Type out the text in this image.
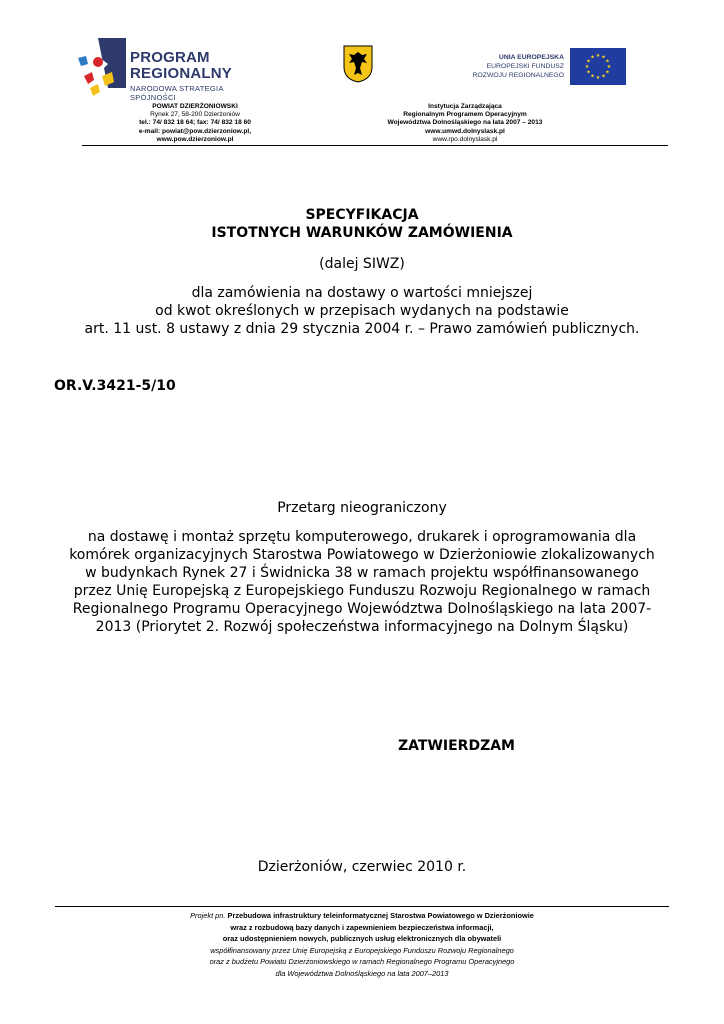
PROGRAM
REGIONALNY
NARODOWA STRATEGIA SPÓJNOŚCI
UNIA EUROPEJSKA
EUROPEJSKI FUNDUSZ
ROZWOJU REGIONALNEGO
★ ★
★
★
★
★
★
★
★
★
★
★
POWIAT DZIERŻONIOWSKI
Rynek 27, 58-200 Dzierżoniów
tel.: 74/ 832 18 64; fax: 74/ 832 18 60
e-mail: powiat@pow.dzierzoniow.pl,
www.pow.dzierzoniow.pl
Instytucja Zarządzająca
Regionalnym Programem Operacyjnym
Województwa Dolnośląskiego na lata 2007 – 2013
www.umwd.dolnyslask.pl
www.rpo.dolnyslask.pl
SPECYFIKACJA
ISTOTNYCH WARUNKÓW ZAMÓWIENIA
(dalej SIWZ)
dla zamówienia na dostawy o wartości mniejszej
od kwot określonych w przepisach wydanych na podstawie
art. 11 ust. 8 ustawy z dnia 29 stycznia 2004 r. – Prawo zamówień publicznych.
OR.V.3421-5/10
Przetarg nieograniczony
na dostawę i montaż sprzętu komputerowego, drukarek i oprogramowania dla
komórek organizacyjnych Starostwa Powiatowego w Dzierżoniowie zlokalizowanych
w budynkach Rynek 27 i Świdnicka 38 w ramach projektu współfinansowanego
przez Unię Europejską z Europejskiego Funduszu Rozwoju Regionalnego w ramach
Regionalnego Programu Operacyjnego Województwa Dolnośląskiego na lata 2007-
2013 (Priorytet 2. Rozwój społeczeństwa informacyjnego na Dolnym Śląsku)
ZATWIERDZAM
Dzierżoniów, czerwiec 2010 r.
Projekt pn. Przebudowa infrastruktury teleinformatycznej Starostwa Powiatowego w Dzierżoniowie
wraz z rozbudową bazy danych i zapewnieniem bezpieczeństwa informacji,
oraz udostępnieniem nowych, publicznych usług elektronicznych dla obywateli
współfinansowany przez Unię Europejską z Europejskiego Funduszu Rozwoju Regionalnego
oraz z budżetu Powiatu Dzierżoniowskiego w ramach Regionalnego Programu Operacyjnego
dla Województwa Dolnośląskiego na lata 2007–2013
